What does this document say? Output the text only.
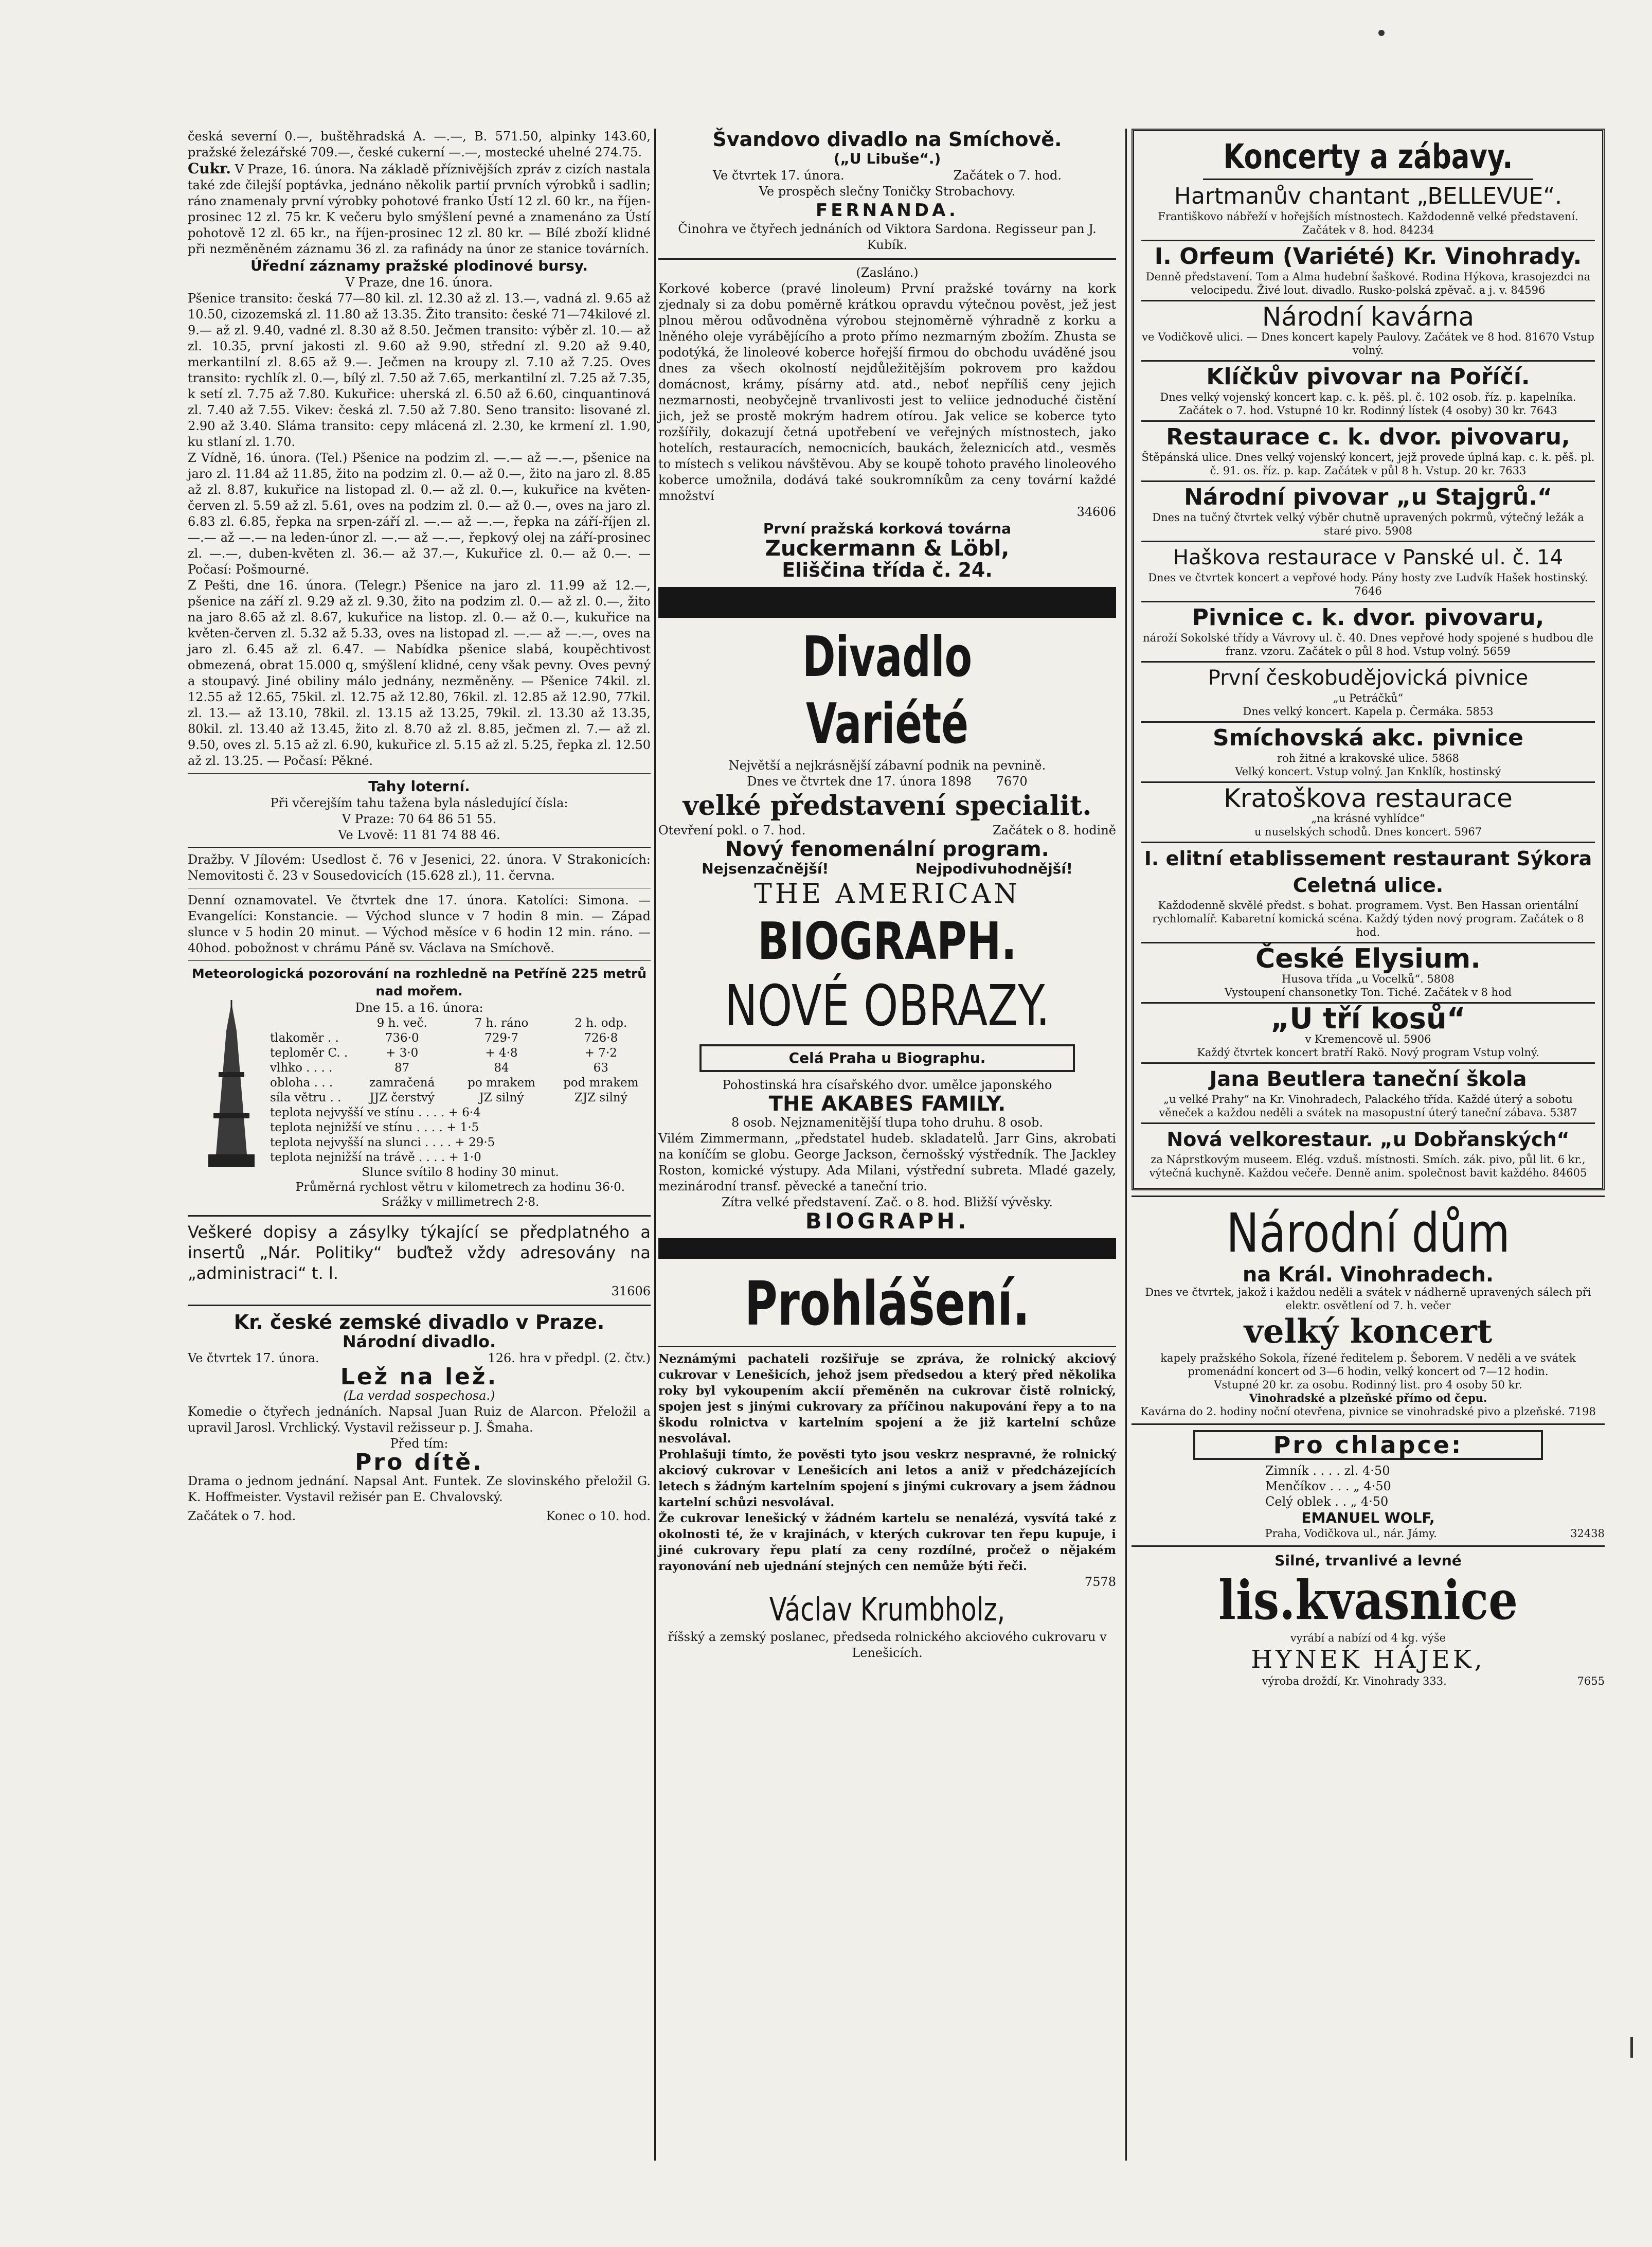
česká severní 0.—, buštěhradská A. —.—, B. 571.50, alpinky 143.60, pražské železářské 709.—, české cukerní —.—, mostecké uhelné 274.75.

Cukr. V Praze, 16. února. Na základě příznivějších zpráv z cizích nastala také zde čilejší poptávka, jednáno několik partií prvních výrobků i sadlin; ráno znamenaly první výrobky pohotové franko Ústí 12 zl. 60 kr., na říjen-prosinec 12 zl. 75 kr. K večeru bylo smýšlení pevné a znamenáno za Ústí pohotově 12 zl. 65 kr., na říjen-prosinec 12 zl. 80 kr. — Bílé zboží klidné při nezměněném záznamu 36 zl. za rafinády na únor ze stanice továrních.

Úřední záznamy pražské plodinové bursy.

V Praze, dne 16. února.

Pšenice transito: česká 77—80 kil. zl. 12.30 až zl. 13.—, vadná zl. 9.65 až 10.50, cizozemská zl. 11.80 až 13.35. Žito transito: české 71—74kilové zl. 9.— až zl. 9.40, vadné zl. 8.30 až 8.50. Ječmen transito: výběr zl. 10.— až zl. 10.35, první jakosti zl. 9.60 až 9.90, střední zl. 9.20 až 9.40, merkantilní zl. 8.65 až 9.—. Ječmen na kroupy zl. 7.10 až 7.25. Oves transito: rychlík zl. 0.—, bílý zl. 7.50 až 7.65, merkantilní zl. 7.25 až 7.35, k setí zl. 7.75 až 7.80. Kukuřice: uherská zl. 6.50 až 6.60, cinquantinová zl. 7.40 až 7.55. Vikev: česká zl. 7.50 až 7.80. Seno transito: lisované zl. 2.90 až 3.40. Sláma transito: cepy mlácená zl. 2.30, ke krmení zl. 1.90, ku stlaní zl. 1.70.

Z Vídně, 16. února. (Tel.) Pšenice na podzim zl. —.— až —.—, pšenice na jaro zl. 11.84 až 11.85, žito na podzim zl. 0.— až 0.—, žito na jaro zl. 8.85 až zl. 8.87, kukuřice na listopad zl. 0.— až zl. 0.—, kukuřice na květen-červen zl. 5.59 až zl. 5.61, oves na podzim zl. 0.— až 0.—, oves na jaro zl. 6.83 zl. 6.85, řepka na srpen-září zl. —.— až —.—, řepka na září-říjen zl. —.— až —.— na leden-únor zl. —.— až —.—, řepkový olej na září-prosinec zl. —.—, duben-květen zl. 36.— až 37.—, Kukuřice zl. 0.— až 0.—. — Počasí: Pošmourné.

Z Pešti, dne 16. února. (Telegr.) Pšenice na jaro zl. 11.99 až 12.—, pšenice na září zl. 9.29 až zl. 9.30, žito na podzim zl. 0.— až zl. 0.—, žito na jaro 8.65 až zl. 8.67, kukuřice na listop. zl. 0.— až 0.—, kukuřice na květen-červen zl. 5.32 až 5.33, oves na listopad zl. —.— až —.—, oves na jaro zl. 6.45 až zl. 6.47. — Nabídka pšenice slabá, koupěchtivost obmezená, obrat 15.000 q, smýšlení klidné, ceny však pevny. Oves pevný a stoupavý. Jiné obiliny málo jednány, nezměněny. — Pšenice 74kil. zl. 12.55 až 12.65, 75kil. zl. 12.75 až 12.80, 76kil. zl. 12.85 až 12.90, 77kil. zl. 13.— až 13.10, 78kil. zl. 13.15 až 13.25, 79kil. zl. 13.30 až 13.35, 80kil. zl. 13.40 až 13.45, žito zl. 8.70 až zl. 8.85, ječmen zl. 7.— až zl. 9.50, oves zl. 5.15 až zl. 6.90, kukuřice zl. 5.15 až zl. 5.25, řepka zl. 12.50 až zl. 13.25. — Počasí: Pěkné.

Tahy loterní.

Při včerejším tahu tažena byla následující čísla:

V Praze: 70 64 86 51 55.

Ve Lvově: 11 81 74 88 46.

Dražby. V Jílovém: Usedlost č. 76 v Jesenici, 22. února. V Strakonicích: Nemovitosti č. 23 v Sousedovicích (15.628 zl.), 11. června.

Denní oznamovatel. Ve čtvrtek dne 17. února. Katolíci: Simona. — Evangelíci: Konstancie. — Východ slunce v 7 hodin 8 min. — Západ slunce v 5 hodin 20 minut. — Východ měsíce v 6 hodin 12 min. ráno. — 40hod. pobožnost v chrámu Páně sv. Václava na Smíchově.

Meteorologická pozorování na rozhledně na Petříně 225 metrů nad mořem.

Dne 15. a 16. února:

9 h. več.	7 h. ráno	2 h. odp.
tlakoměr . .	736·0	729·7	726·8
teploměr C. .	+ 3·0	+ 4·8	+ 7·2
vlhko . . . .	87	84	63
obloha . . .	zamračená	po mrakem	pod mrakem
síla větru . .	JJZ čerstvý	JZ silný	ZJZ silný

teplota nejvyšší ve stínu . . . . + 6·4

teplota nejnižší ve stínu . . . . + 1·5

teplota nejvyšší na slunci . . . . + 29·5

teplota nejnižší na trávě . . . . + 1·0

Slunce svítilo 8 hodiny 30 minut.

Průměrná rychlost větru v kilometrech za hodinu 36·0.

Srážky v millimetrech 2·8.

Veškeré dopisy a zásylky týkající se předplatného a insertů „Nár. Politiky“ buďtež vždy adresovány na „administraci“ t. l.

31606

Kr. české zemské divadlo v Praze.

Národní divadlo.

Ve čtvrtek 17. února.	126. hra v předpl. (2. čtv.)

Lež na lež.

(La verdad sospechosa.)

Komedie o čtyřech jednáních. Napsal Juan Ruiz de Alarcon. Přeložil a upravil Jarosl. Vrchlický. Vystavil režisseur p. J. Šmaha.

Před tím:

Pro dítě.

Drama o jednom jednání. Napsal Ant. Funtek. Ze slovinského přeložil G. K. Hoffmeister. Vystavil režisér pan E. Chvalovský.

Začátek o 7. hod.	Konec o 10. hod.

Švandovo divadlo na Smíchově.

(„U Libuše“.)

Ve čtvrtek 17. února.	Začátek o 7. hod.

Ve prospěch slečny Toničky Strobachovy.

FERNANDA.

Činohra ve čtyřech jednáních od Viktora Sardona. Regisseur pan J. Kubík.

(Zasláno.)

Korkové koberce (pravé linoleum) První pražské továrny na kork zjednaly si za dobu poměrně krátkou opravdu výtečnou pověst, jež jest plnou měrou odůvodněna výrobou stejnoměrně výhradně z korku a lněného oleje vyrábějícího a proto přímo nezmarným zbožím. Zhusta se podotýká, že linoleové koberce hořejší firmou do obchodu uváděné jsou dnes za všech okolností nejdůležitějším pokrovem pro každou domácnost, krámy, písárny atd. atd., neboť nepříliš ceny jejich nezmarnosti, neobyčejně trvanlivosti jest to veliice jednoduché čistění jich, jež se prostě mokrým hadrem otírou. Jak velice se koberce tyto rozšířily, dokazují četná upotřebení ve veřejných místnostech, jako hotelích, restauracích, nemocnicích, baukách, železnicích atd., vesměs to místech s velikou návštěvou. Aby se koupě tohoto pravého linoleového koberce umožnila, dodává také soukromníkům za ceny tovární každé množství

34606

První pražská korková továrna

Zuckermann & Löbl,

Eliščina třída č. 24.

Divadlo Variété

Největší a nejkrásnější zábavní podnik na pevnině.

Dnes ve čtvrtek dne 17. února 1898 7670

velké představení specialit.

Otevření pokl. o 7. hod.	Začátek o 8. hodině

Nový fenomenální program.

Nejsenzačnější!	Nejpodivuhodnější!

THE AMERICAN

BIOGRAPH.

NOVÉ OBRAZY.

Celá Praha u Biographu.

Pohostinská hra císařského dvor. umělce japonského

THE AKABES FAMILY.

8 osob. Nejznamenitější tlupa toho druhu. 8 osob.

Vilém Zimmermann, „předstatel hudeb. skladatelů. Jarr Gins, akrobati na koníčím se globu. George Jackson, černošský výstředník. The Jackley Roston, komické výstupy. Ada Milani, výstřední subreta. Mladé gazely, mezinárodní transf. pěvecké a taneční trio.

Zítra velké představení. Zač. o 8. hod. Bližší vývěsky.

BIOGRAPH.

Prohlášení.

Neznámými pachateli rozšiřuje se zpráva, že rolnický akciový cukrovar v Lenešicích, jehož jsem předsedou a který před několika roky byl vykoupením akcií přeměněn na cukrovar čistě rolnický, spojen jest s jinými cukrovary za příčinou nakupování řepy a to na škodu rolnictva v kartelním spojení a že již kartelní schůze nesvolával.

Prohlašuji tímto, že pověsti tyto jsou veskrz nespravné, že rolnický akciový cukrovar v Lenešicích ani letos a aniž v předcházejících letech s žádným kartelním spojení s jinými cukrovary a jsem žádnou kartelní schůzi nesvolával.

Že cukrovar lenešický v žádném kartelu se nenalézá, vysvítá také z okolnosti té, že v krajinách, v kterých cukrovar ten řepu kupuje, i jiné cukrovary řepu platí za ceny rozdílné, pročež o nějakém rayonování neb ujednání stejných cen nemůže býti řeči.

7578

Václav Krumbholz,

říšský a zemský poslanec, předseda rolnického akciového cukrovaru v Lenešicích.

Koncerty a zábavy.

Hartmanův chantant „BELLEVUE“.

Františkovo nábřeží v hořejších místnostech. Každodenně velké představení. Začátek v 8. hod. 84234

I. Orfeum (Variété) Kr. Vinohrady.

Denně představení. Tom a Alma hudební šaškové. Rodina Hýkova, krasojezdci na velocipedu. Živé lout. divadlo. Rusko-polská zpěvač. a j. v. 84596

Národní kavárna

ve Vodičkově ulici. — Dnes koncert kapely Paulovy. Začátek ve 8 hod. 81670 Vstup volný.

Klíčkův pivovar na Poříčí.

Dnes velký vojenský koncert kap. c. k. pěš. pl. č. 102 osob. říz. p. kapelníka. Začátek o 7. hod. Vstupné 10 kr. Rodinný lístek (4 osoby) 30 kr. 7643

Restaurace c. k. dvor. pivovaru,

Štěpánská ulice. Dnes velký vojenský koncert, jejž provede úplná kap. c. k. pěš. pl. č. 91. os. říz. p. kap. Začátek v půl 8 h. Vstup. 20 kr. 7633

Národní pivovar „u Stajgrů.“

Dnes na tučný čtvrtek velký výběr chutně upravených pokrmů, výtečný ležák a staré pivo. 5908

Haškova restaurace v Panské ul. č. 14

Dnes ve čtvrtek koncert a vepřové hody. Pány hosty zve Ludvík Hašek hostinský. 7646

Pivnice c. k. dvor. pivovaru,

nároží Sokolské třídy a Vávrovy ul. č. 40. Dnes vepřové hody spojené s hudbou dle franz. vzoru. Začátek o půl 8 hod. Vstup volný. 5659

První českobudějovická pivnice

„u Petráčků“

Dnes velký koncert. Kapela p. Čermáka. 5853

Smíchovská akc. pivnice

roh žitné a krakovské ulice. 5868

Velký koncert. Vstup volný. Jan Knklík, hostinský

Kratoškova restaurace

„na krásné vyhlídce“

u nuselských schodů. Dnes koncert. 5967

I. elitní etablissement restaurant Sýkora Celetná ulice.

Každodenně skvělé předst. s bohat. programem. Vyst. Ben Hassan orientální rychlomalíř. Kabaretní komická scéna. Každý týden nový program. Začátek o 8 hod.

České Elysium.

Husova třída „u Vocelků“. 5808

Vystoupení chansonetky Ton. Tiché. Začátek v 8 hod

„U tří kosů“

v Kremencově ul. 5906

Každý čtvrtek koncert bratří Rakö. Nový program Vstup volný.

Jana Beutlera taneční škola

„u velké Prahy“ na Kr. Vinohradech, Palackého třída. Každé úterý a sobotu věneček a každou neděli a svátek na masopustní úterý taneční zábava. 5387

Nová velkorestaur. „u Dobřanských“

za Náprstkovým museem. Elég. vzduš. místnosti. Smích. zák. pivo, půl lit. 6 kr., výtečná kuchyně. Každou večeře. Denně anim. společnost bavit každého. 84605

Národní dům

na Král. Vinohradech.

Dnes ve čtvrtek, jakož i každou neděli a svátek v nádherně upravených sálech při elektr. osvětlení od 7. h. večer

velký koncert

kapely pražského Sokola, řízené ředitelem p. Šeborem. V neděli a ve svátek promenádní koncert od 3—6 hodin, velký koncert od 7—12 hodin.

Vstupné 20 kr. za osobu. Rodinný list. pro 4 osoby 50 kr.

Vinohradské a plzeňské přímo od čepu.

Kavárna do 2. hodiny noční otevřena, pivnice se vinohradské pivo a plzeňské. 7198

Pro chlapce:

Zimník . . . . zl. 4·50

Menčíkov . . . „ 4·50

Celý oblek . . „ 4·50

EMANUEL WOLF,

Praha, Vodičkova ul., nár. Jámy.	32438

Silné, trvanlivé a levné

lis.kvasnice

vyrábí a nabízí od 4 kg. výše

HYNEK HÁJEK,

výroba droždí, Kr. Vinohrady 333.	7655
